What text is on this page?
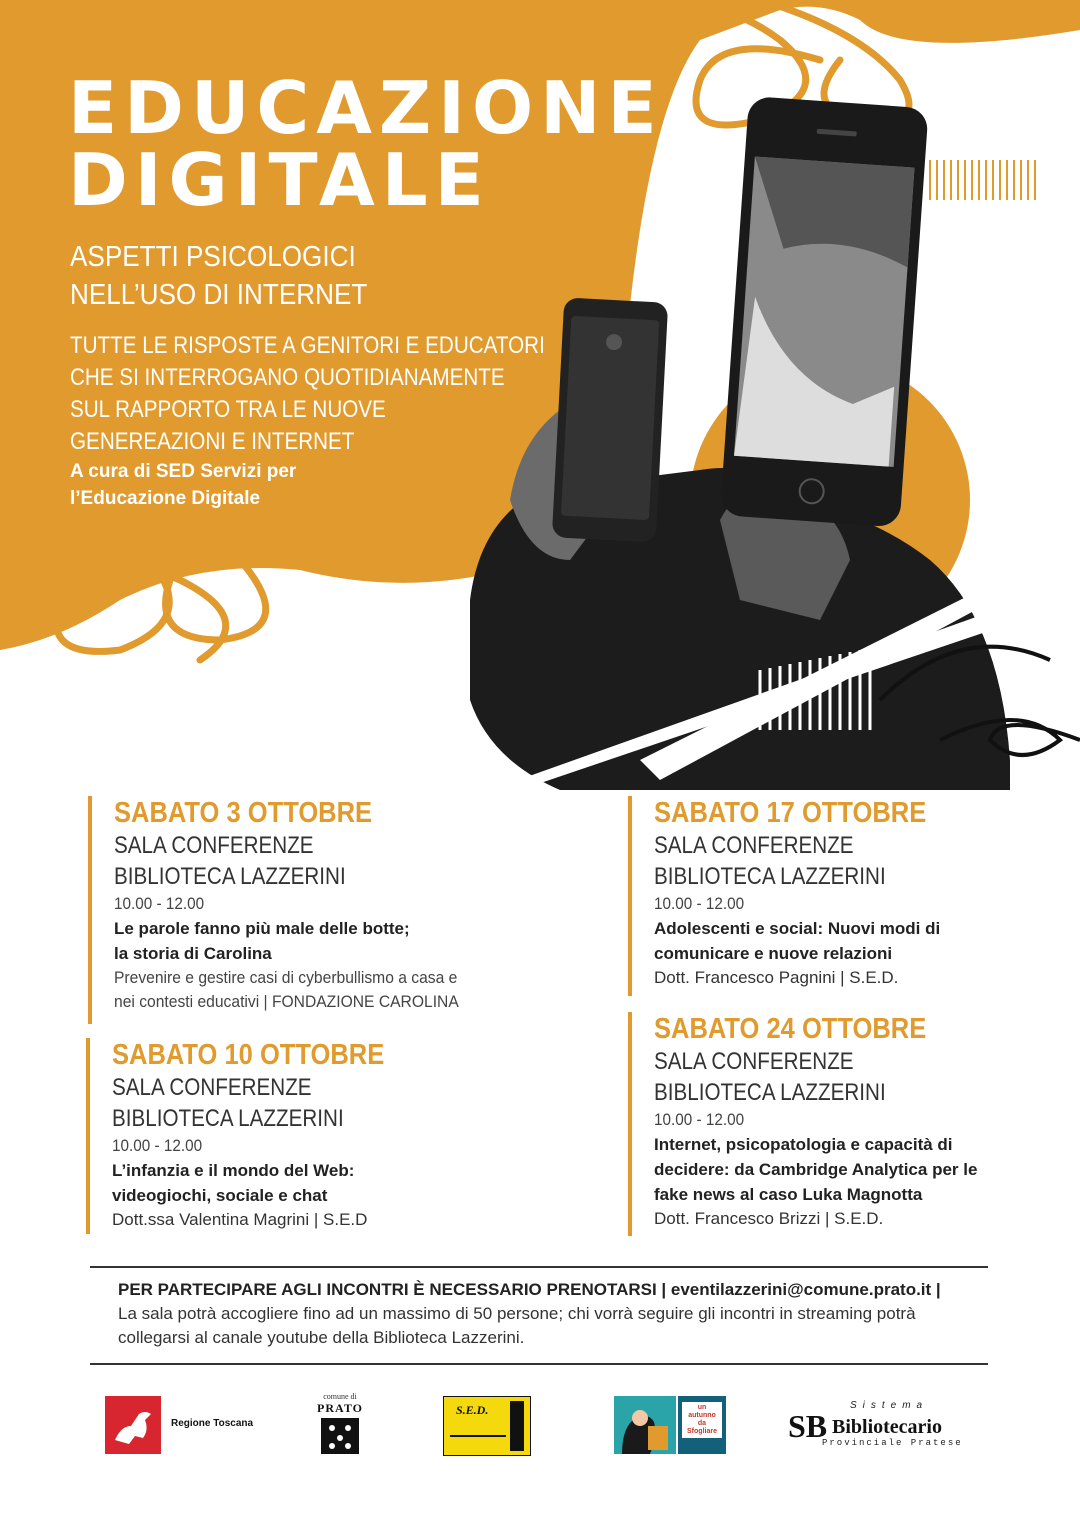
EDUCAZIONE
DIGITALE
ASPETTI PSICOLOGICI
NELL’USO DI INTERNET
TUTTE LE RISPOSTE A GENITORI E EDUCATORI
CHE SI INTERROGANO QUOTIDIANAMENTE
SUL RAPPORTO TRA LE NUOVE
GENEREAZIONI E INTERNET
A cura di SED Servizi per
l’Educazione Digitale
SABATO 3 OTTOBRE
SALA CONFERENZE
BIBLIOTECA LAZZERINI
10.00 - 12.00
Le parole fanno più male delle botte;
la storia di Carolina
Prevenire e gestire casi di cyberbullismo a casa e
nei contesti educativi | FONDAZIONE CAROLINA
SABATO 10 OTTOBRE
SALA CONFERENZE
BIBLIOTECA LAZZERINI
10.00 - 12.00
L’infanzia e il mondo del Web:
videogiochi, sociale e chat
Dott.ssa Valentina Magrini | S.E.D
SABATO 17 OTTOBRE
SALA CONFERENZE
BIBLIOTECA LAZZERINI
10.00 - 12.00
Adolescenti e social: Nuovi modi di
comunicare e nuove relazioni
Dott. Francesco Pagnini | S.E.D.
SABATO 24 OTTOBRE
SALA CONFERENZE
BIBLIOTECA LAZZERINI
10.00 - 12.00
Internet, psicopatologia e capacità di
decidere: da Cambridge Analytica per le
fake news al caso Luka Magnotta
Dott. Francesco Brizzi | S.E.D.
PER PARTECIPARE AGLI INCONTRI È NECESSARIO PRENOTARSI | eventilazzerini@comune.prato.it |
La sala potrà accogliere fino ad un massimo di 50 persone; chi vorrà seguire gli incontri in streaming potrà collegarsi al canale youtube della Biblioteca Lazzerini.
Regione Toscana
comune di
PRATO	S.E.D.	un autunno
da Sfogliare
Sistema
SB Bibliotecario
Provinciale Pratese
